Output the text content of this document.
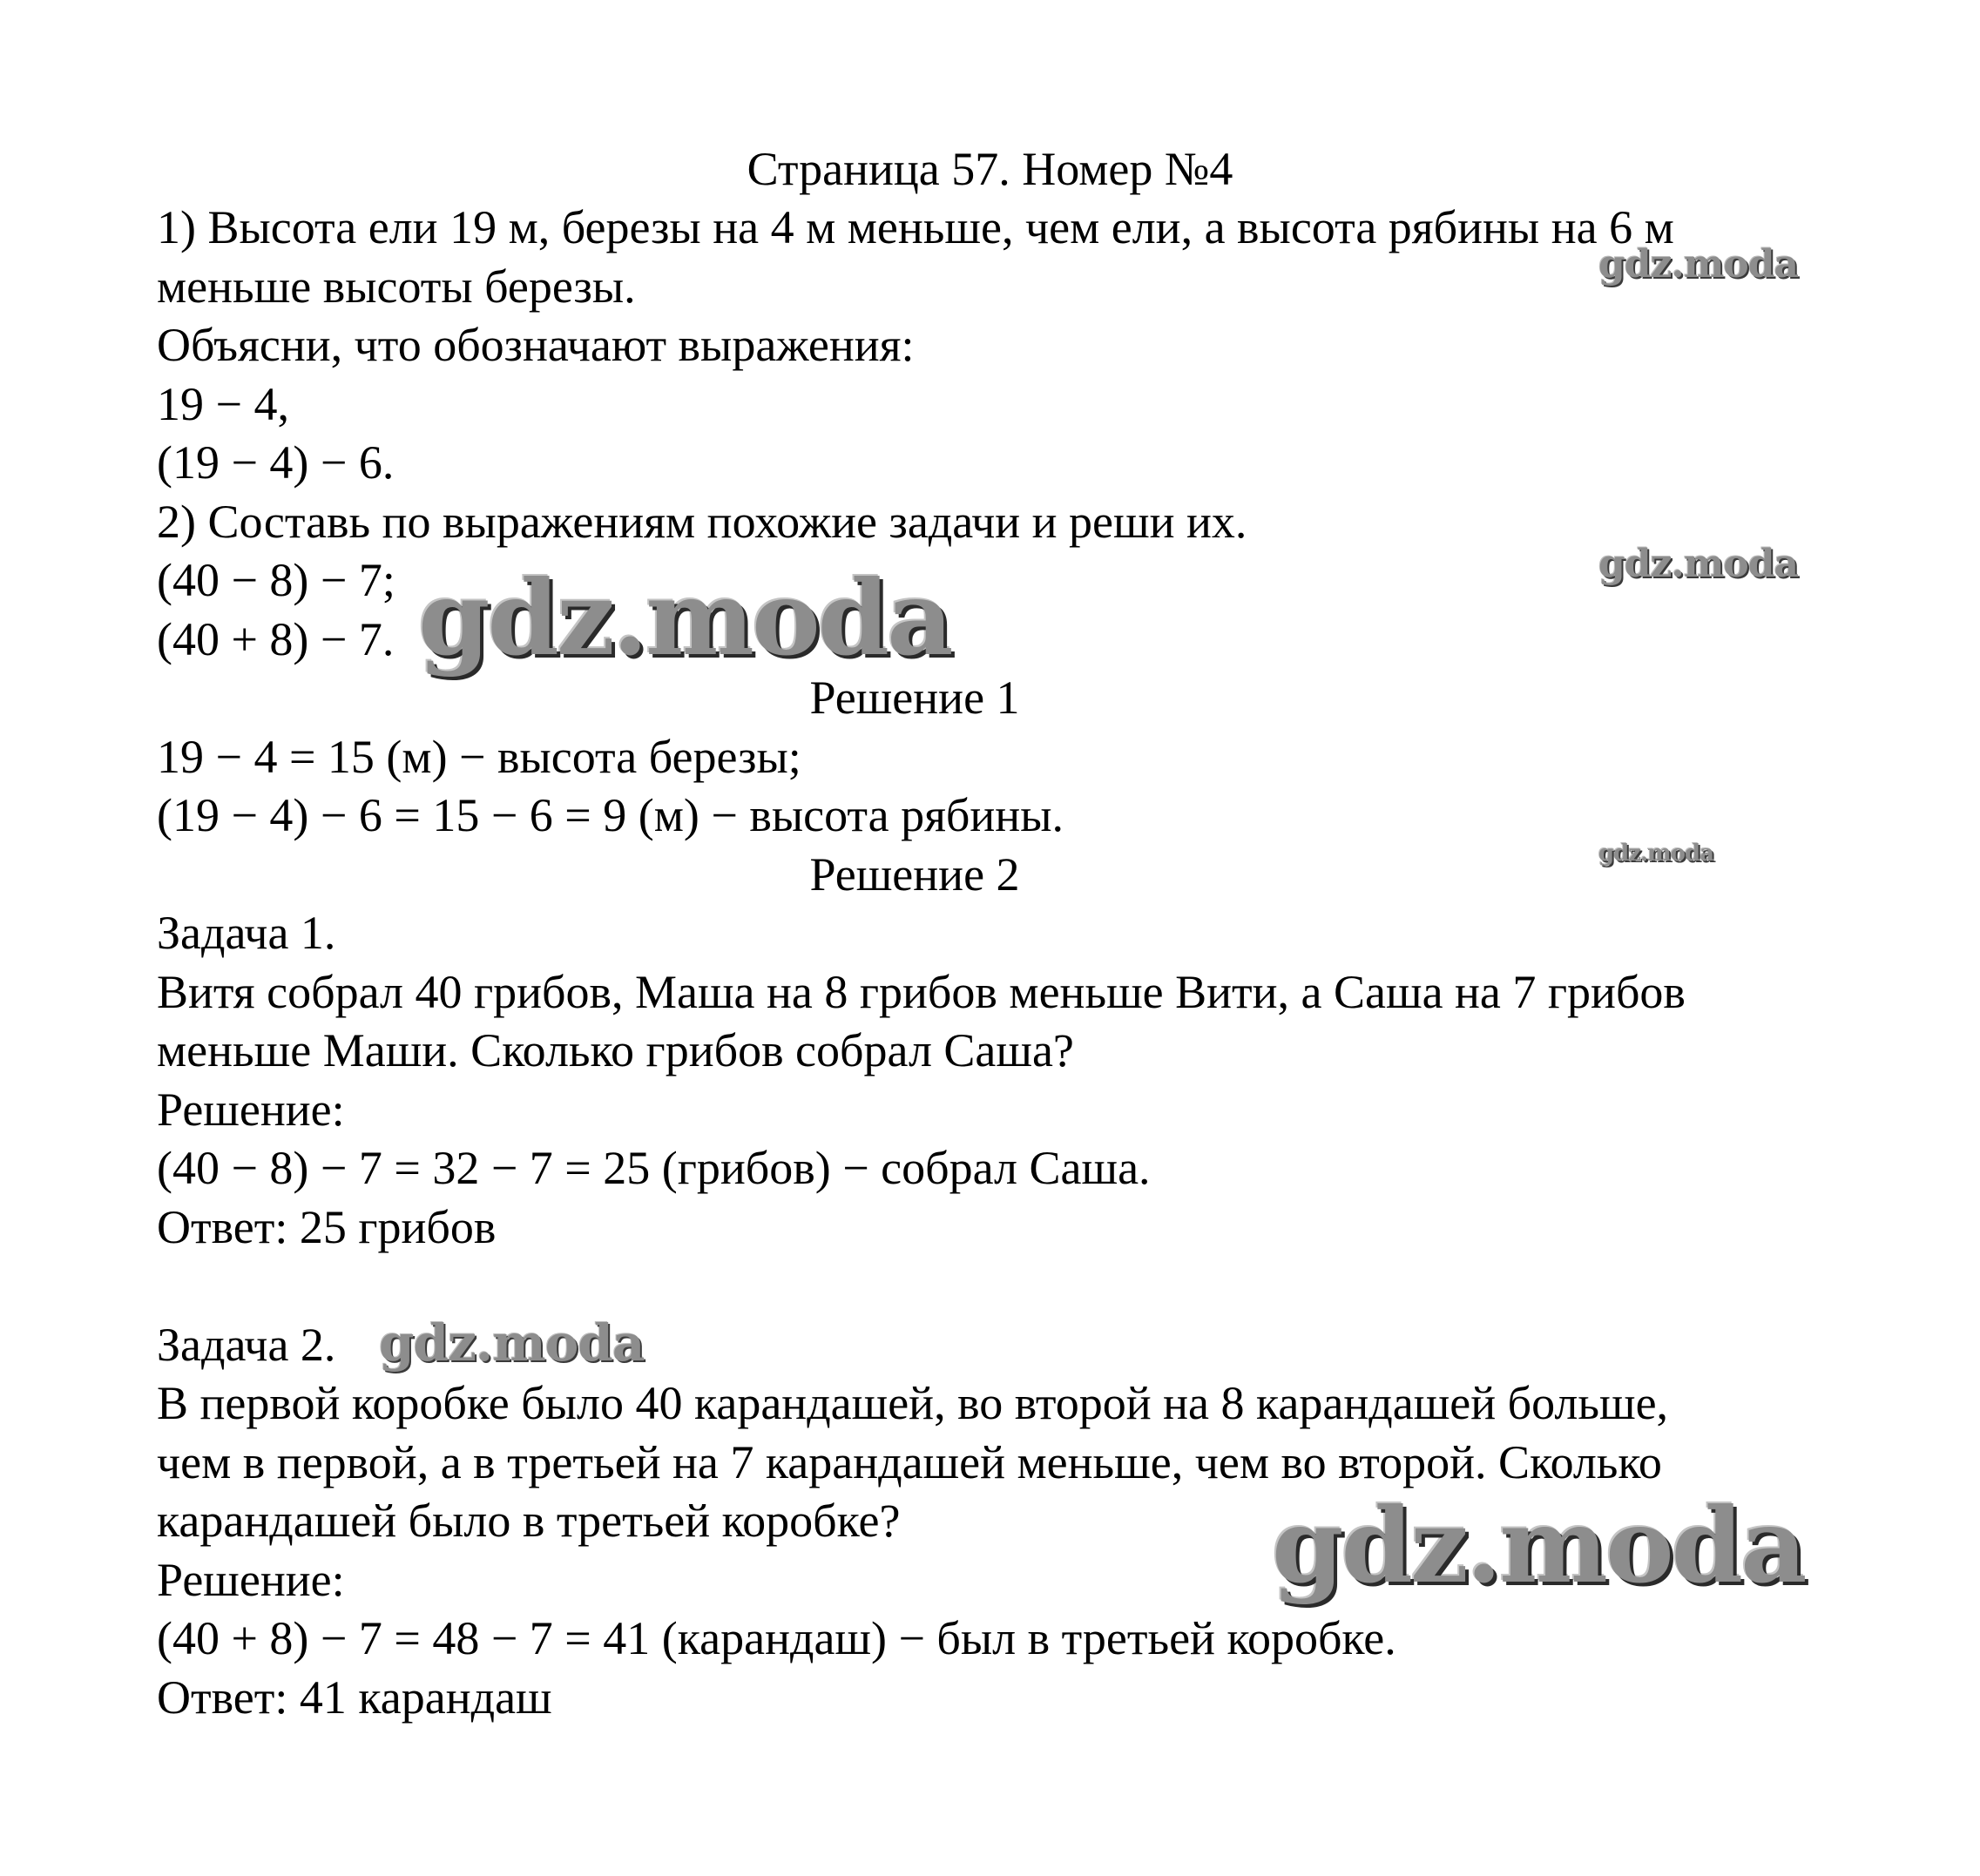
Страница 57. Номер №4
1) Высота ели 19 м, березы на 4 м меньше, чем ели, а высота рябины на 6 м
меньше высоты березы.
Объясни, что обозначают выражения:
19 − 4,
(19 − 4) − 6.
2) Составь по выражениям похожие задачи и реши их.
(40 − 8) − 7;
(40 + 8) − 7.
Решение 1
19 − 4 = 15 (м) − высота березы;
(19 − 4) − 6 = 15 − 6 = 9 (м) − высота рябины.
Решение 2
Задача 1.
Витя собрал 40 грибов, Маша на 8 грибов меньше Вити, а Саша на 7 грибов
меньше Маши. Сколько грибов собрал Саша?
Решение:
(40 − 8) − 7 = 32 − 7 = 25 (грибов) − собрал Саша.
Ответ: 25 грибов
Задача 2.
В первой коробке было 40 карандашей, во второй на 8 карандашей больше,
чем в первой, а в третьей на 7 карандашей меньше, чем во второй. Сколько
карандашей было в третьей коробке?
Решение:
(40 + 8) − 7 = 48 − 7 = 41 (карандаш) − был в третьей коробке.
Ответ: 41 карандаш
gdz.moda
gdz.moda
gdz.moda
gdz.moda
gdz.moda
gdz.moda
